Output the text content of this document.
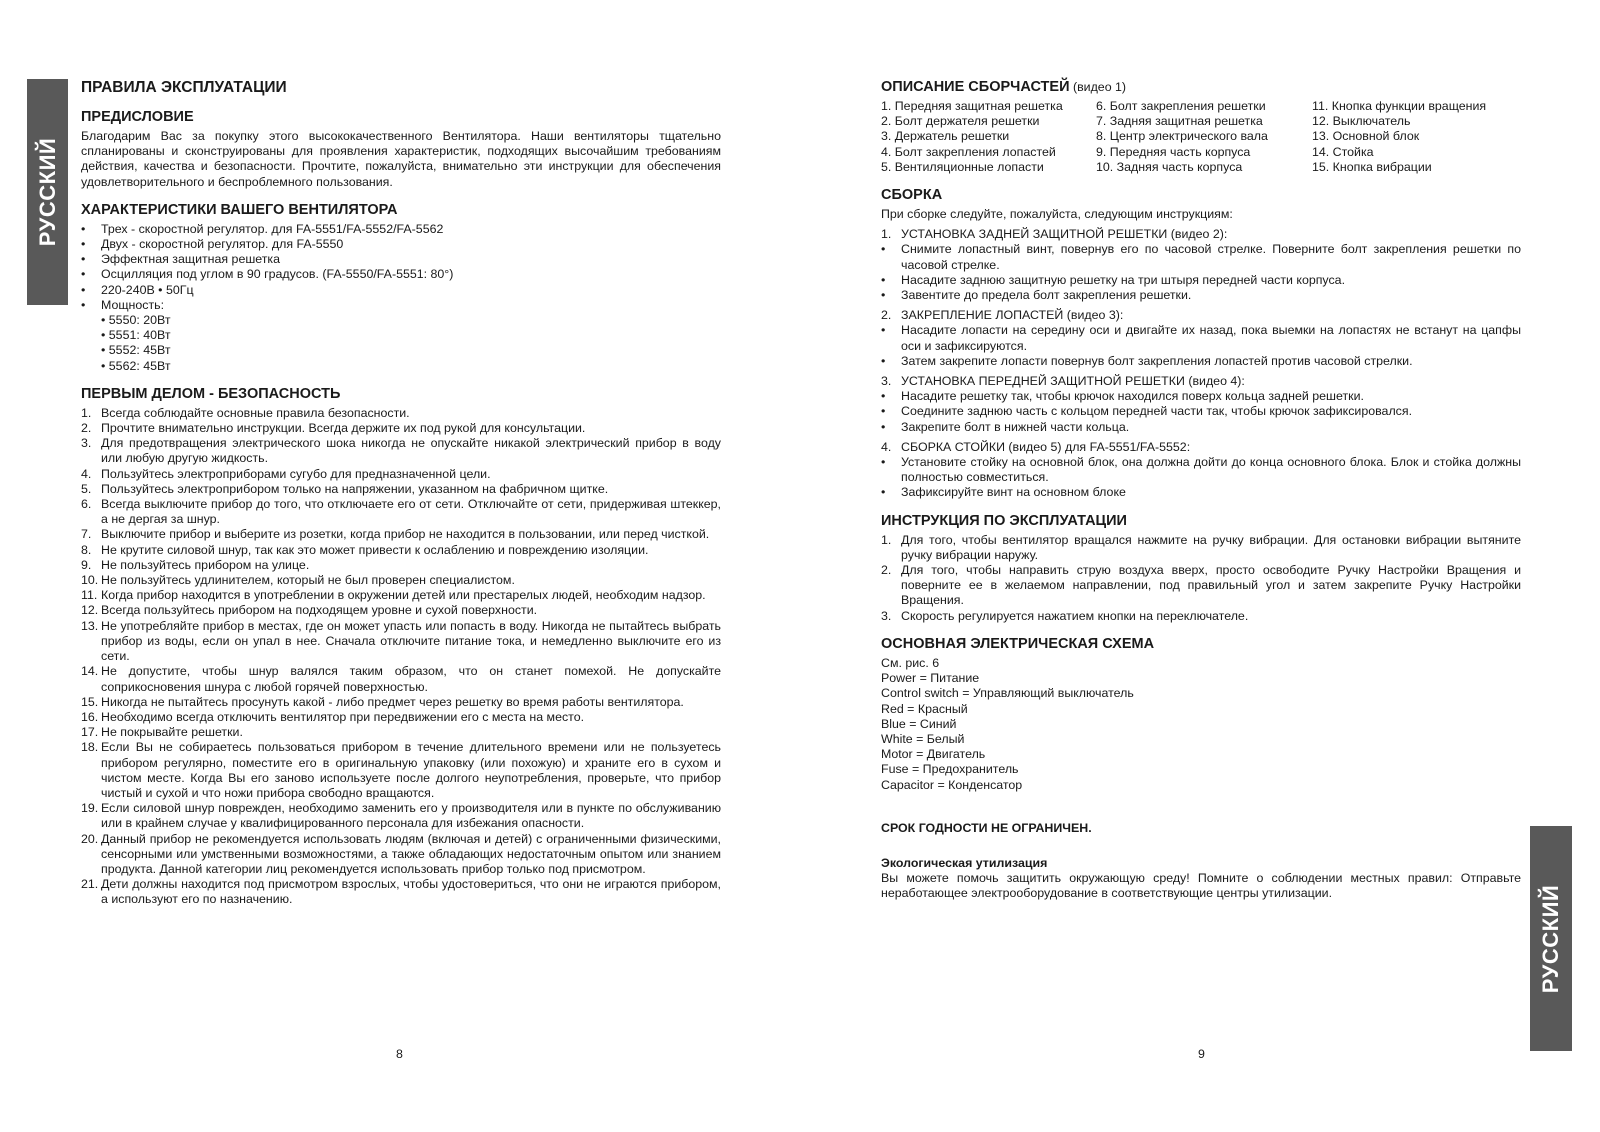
РУССКИЙ
РУССКИЙ
ПРАВИЛА ЭКСПЛУАТАЦИИ
ПРЕДИСЛОВИЕ

Благодарим Вас за покупку этого высококачественного Вентилятора. Наши вентиляторы тщательно спланированы и сконструированы для проявления характеристик, подходящих высочайшим требованиям действия, качества и безопасности. Прочтите, пожалуйста, внимательно эти инструкции для обеспечения удовлетворительного и беспроблемного пользования.

ХАРАКТЕРИСТИКИ ВАШЕГО ВЕНТИЛЯТОРА
•	Трех - скоростной регулятор. для FA-5551/FA-5552/FA-5562
•	Двух - скоростной регулятор. для FA-5550
•	Эффектная защитная решетка
•	Осцилляция под углом в 90 градусов. (FA-5550/FA-5551: 80°)
•	220-240В • 50Гц
•	Мощность:
• 5550: 20Вт
• 5551: 40Вт
• 5552: 45Вт
• 5562: 45Вт
ПЕРВЫМ ДЕЛОМ - БЕЗОПАСНОСТЬ
1. Всегда соблюдайте основные правила безопасности.
2. Прочтите внимательно инструкции. Всегда держите их под рукой для консультации.
3. Для предотвращения электрического шока никогда не опускайте никакой электрический прибор в воду или любую другую жидкость.
4. Пользуйтесь электроприборами сугубо для предназначенной цели.
5. Пользуйтесь электроприбором только на напряжении, указанном на фабричном щитке.
6. Всегда выключите прибор до того, что отключаете его от сети. Отключайте от сети, придерживая штеккер, а не дергая за шнур.
7. Выключите прибор и выберите из розетки, когда прибор не находится в пользовании, или перед чисткой.
8. Не крутите силовой шнур, так как это может привести к ослаблению и повреждению изоляции.
9. Не пользуйтесь прибором на улице.
10. Не пользуйтесь удлинителем, который не был проверен специалистом.
11. Когда прибор находится в употреблении в окружении детей или престарелых людей, необходим надзор.
12. Всегда пользуйтесь прибором на подходящем уровне и сухой поверхности.
13. Не употребляйте прибор в местах, где он может упасть или попасть в воду. Никогда не пытайтесь выбрать прибор из воды, если он упал в нее. Сначала отключите питание тока, и немедленно выключите его из сети.
14. Не допустите, чтобы шнур валялся таким образом, что он станет помехой. Не допускайте соприкосновения шнура с любой горячей поверхностью.
15. Никогда не пытайтесь просунуть какой - либо предмет через решетку во время работы вентилятора.
16. Необходимо всегда отключить вентилятор при передвижении его с места на место.
17. Не покрывайте решетки.
18. Если Вы не собираетесь пользоваться прибором в течение длительного времени или не пользуетесь прибором регулярно, поместите его в оригинальную упаковку (или похожую) и храните его в сухом и чистом месте. Когда Вы его заново используете после долгого неупотребления, проверьте, что прибор чистый и сухой и что ножи прибора свободно вращаются.
19. Если силовой шнур поврежден, необходимо заменить его у производителя или в пункте по обслуживанию или в крайнем случае у квалифицированного персонала для избежания опасности.
20. Данный прибор не рекомендуется использовать людям (включая и детей) с ограниченными физическими, сенсорными или умственными возможностями, а также обладающих недостаточным опытом или знанием продукта. Данной категории лиц рекомендуется использовать прибор только под присмотром.
21. Дети должны находится под присмотром взрослых, чтобы удостовериться, что они не играются прибором, а используют его по назначению.
8
ОПИСАНИЕ СБОРЧАСТЕЙ (видео 1)
1. Передняя защитная решетка
2. Болт держателя решетки
3. Держатель решетки
4. Болт закрепления лопастей
5. Вентиляционные лопасти
6. Болт закрепления решетки
7. Задняя защитная решетка
8. Центр электрического вала
9. Передняя часть корпуса
10. Задняя часть корпуса
11. Кнопка функции вращения
12. Выключатель
13. Основной блок
14. Стойка
15. Кнопка вибрации
СБОРКА

При сборке следуйте, пожалуйста, следующим инструкциям:

1. УСТАНОВКА ЗАДНЕЙ ЗАЩИТНОЙ РЕШЕТКИ (видео 2):
•	Снимите лопастный винт, повернув его по часовой стрелке. Поверните болт закрепления решетки по часовой стрелке.
•	Насадите заднюю защитную решетку на три штыря передней части корпуса.
•	Завентите до предела болт закрепления решетки.
2. ЗАКРЕПЛЕНИЕ ЛОПАСТЕЙ (видео 3):
•	Насадите лопасти на середину оси и двигайте их назад, пока выемки на лопастях не встанут на цапфы оси и зафиксируются.
•	Затем закрепите лопасти повернув болт закрепления лопастей против часовой стрелки.
3. УСТАНОВКА ПЕРЕДНЕЙ ЗАЩИТНОЙ РЕШЕТКИ (видео 4):
•	Насадите решетку так, чтобы крючок находился поверх кольца задней решетки.
•	Соедините заднюю часть с кольцом передней части так, чтобы крючок зафиксировался.
•	Закрепите болт в нижней части кольца.
4. СБОРКА СТОЙКИ (видео 5) для FA-5551/FA-5552:
•	Установите стойку на основной блок, она должна дойти до конца основного блока. Блок и стойка должны полностью совместиться.
•	Зафиксируйте винт на основном блоке
ИНСТРУКЦИЯ ПО ЭКСПЛУАТАЦИИ
1. Для того, чтобы вентилятор вращался нажмите на ручку вибрации. Для остановки вибрации вытяните ручку вибрации наружу.
2. Для того, чтобы направить струю воздуха вверх, просто освободите Ручку Настройки Вращения и поверните ее в желаемом направлении, под правильный угол и затем закрепите Ручку Настройки Вращения.
3. Скорость регулируется нажатием кнопки на переключателе.
ОСНОВНАЯ ЭЛЕКТРИЧЕСКАЯ СХЕМА
См. рис. 6
Power = Питание
Control switch = Управляющий выключатель
Red = Красный
Blue = Синий
White = Белый
Motor = Двигатель
Fuse = Предохранитель
Capacitor = Конденсатор

СРОК ГОДНОСТИ НЕ ОГРАНИЧЕН.

Экологическая утилизация

Вы можете помочь защитить окружающую среду! Помните о соблюдении местных правил: Отправьте неработающее электрооборудование в соответствующие центры утилизации.

9
